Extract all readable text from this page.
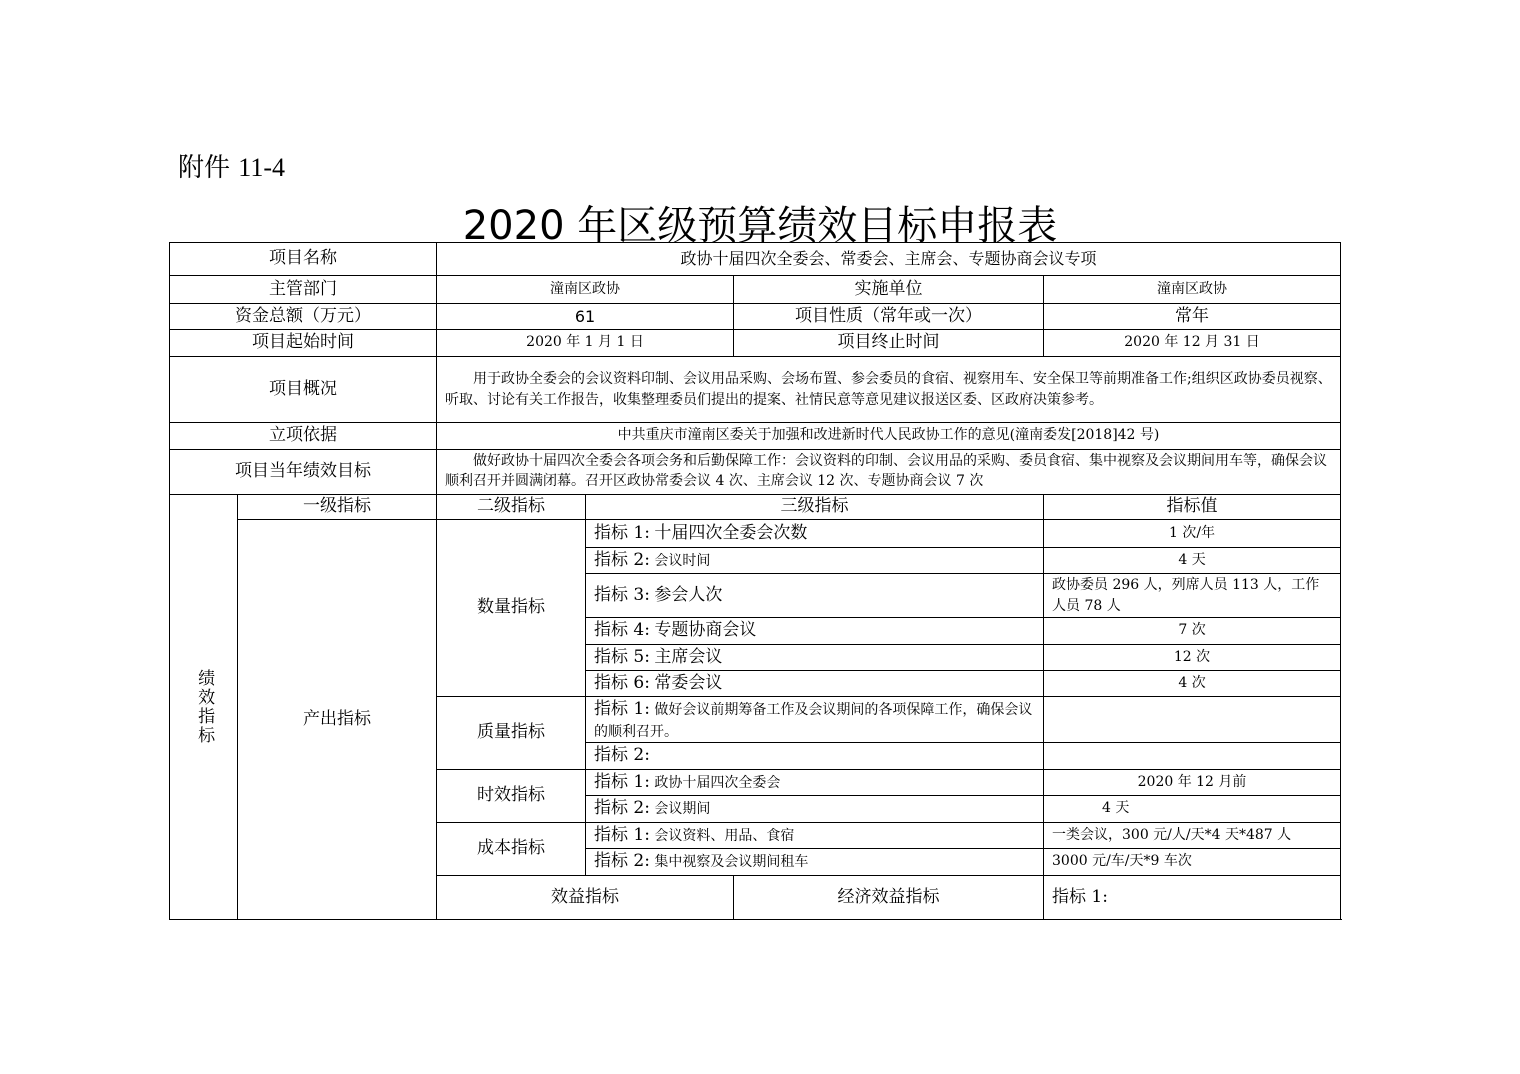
附件 11-4
2020 年区级预算绩效目标申报表
项目名称		政协十届四次全委会、常委会、主席会、专题协商会议专项				
主管部门		潼南区政协		实施单位	潼南区政协	
资金总额（万元）		61		项目性质（常年或一次）	常年	
项目起始时间		2020 年 1 月 1 日		项目终止时间	2020 年 12 月 31 日	
项目概况		用于政协全委会的会议资料印制、会议用品采购、会场布置、参会委员的食宿、视察用车、安全保卫等前期准备工作;组织区政协委员视察、听取、讨论有关工作报告，收集整理委员们提出的提案、社情民意等意见建议报送区委、区政府决策参考。				
立项依据		中共重庆市潼南区委关于加强和改进新时代人民政协工作的意见(潼南委发[2018]42 号)				
项目当年绩效目标		做好政协十届四次全委会各项会务和后勤保障工作：会议资料的印制、会议用品的采购、委员食宿、集中视察及会议期间用车等，确保会议顺利召开并圆满闭幕。召开区政协常委会议 4 次、主席会议 12 次、专题协商会议 7 次				
绩效指标	一级指标	二级指标	三级指标		指标值	
	产出指标	数量指标	指标 1: 十届四次全委会次数		1 次/年	
			指标 2: 会议时间		4 天	
			指标 3: 参会人次		政协委员 296 人，列席人员 113 人，工作人员 78 人	
			指标 4: 专题协商会议		7 次	
			指标 5: 主席会议		12 次	
			指标 6: 常委会议		4 次	
		质量指标	指标 1: 做好会议前期筹备工作及会议期间的各项保障工作，确保会议的顺利召开。			
			指标 2:			
		时效指标	指标 1: 政协十届四次全委会		2020 年 12 月前	
			指标 2: 会议期间		4 天	
		成本指标	指标 1: 会议资料、用品、食宿		一类会议，300 元/人/天*4 天*487 人	
			指标 2: 集中视察及会议期间租车		3000 元/车/天*9 车次	
		效益指标		经济效益指标	指标 1:	
